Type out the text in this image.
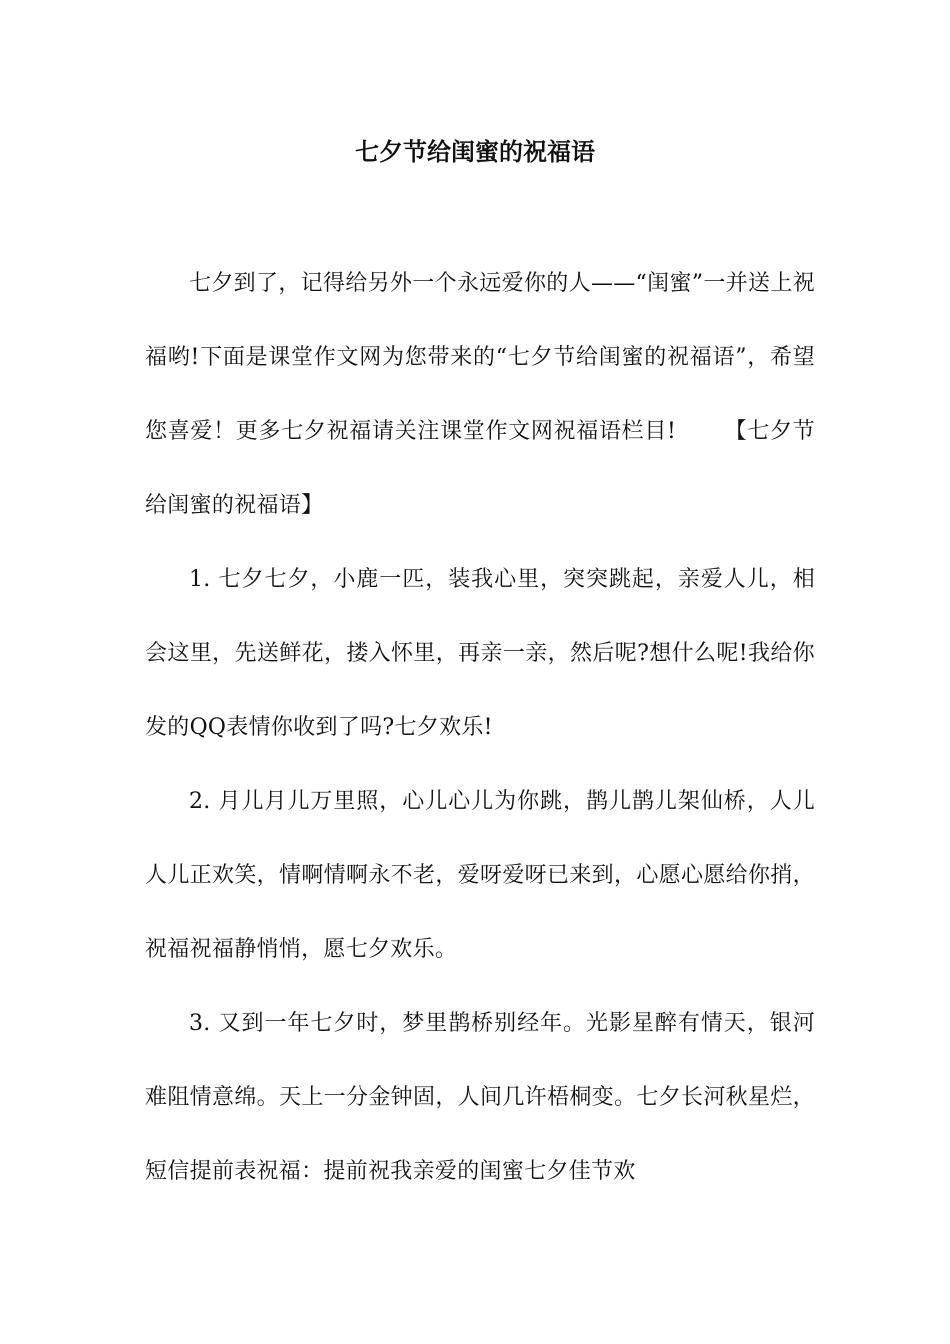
七夕节给闺蜜的祝福语

七夕到了，记得给另外一个永远爱你的人——“闺蜜”一并送上祝福哟!下面是课堂作文网为您带来的“七夕节给闺蜜的祝福语”，希望您喜爱！更多七夕祝福请关注课堂作文网祝福语栏目! 【七夕节给闺蜜的祝福语】

1. 七夕七夕，小鹿一匹，装我心里，突突跳起，亲爱人儿，相会这里，先送鲜花，搂入怀里，再亲一亲，然后呢?想什么呢!我给你发的QQ表情你收到了吗?七夕欢乐!

2. 月儿月儿万里照，心儿心儿为你跳，鹊儿鹊儿架仙桥，人儿人儿正欢笑，情啊情啊永不老，爱呀爱呀已来到，心愿心愿给你捎，祝福祝福静悄悄，愿七夕欢乐。

3. 又到一年七夕时，梦里鹊桥别经年。光影星醉有情天，银河难阻情意绵。天上一分金钟固，人间几许梧桐变。七夕长河秋星烂，短信提前表祝福：提前祝我亲爱的闺蜜七夕佳节欢
